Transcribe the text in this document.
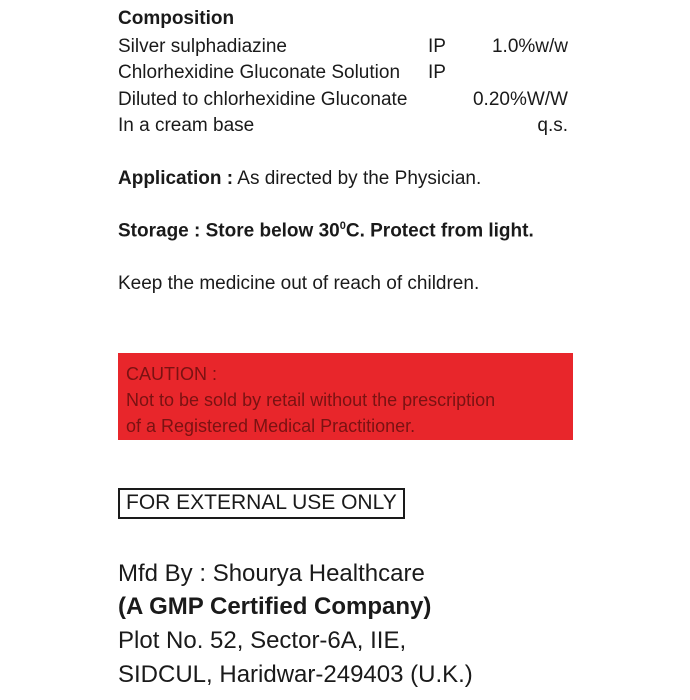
Composition
Silver sulphadiazine	IP 1.0%w/w
Chlorhexidine Gluconate Solution IP
Diluted to chlorhexidine Gluconate	0.20%W/W
In a cream base	q.s.
Application : As directed by the Physician.
Storage : Store below $30^0C$. Protect from light.
Keep the medicine out of reach of children.
CAUTION :
Not to be sold by retail without the prescription
of a Registered Medical Practitioner.
FOR EXTERNAL USE ONLY
Mfd By : Shourya Healthcare
(A GMP Certified Company)
Plot No. 52, Sector-6A, IIE,
SIDCUL, Haridwar-249403 (U.K.)
